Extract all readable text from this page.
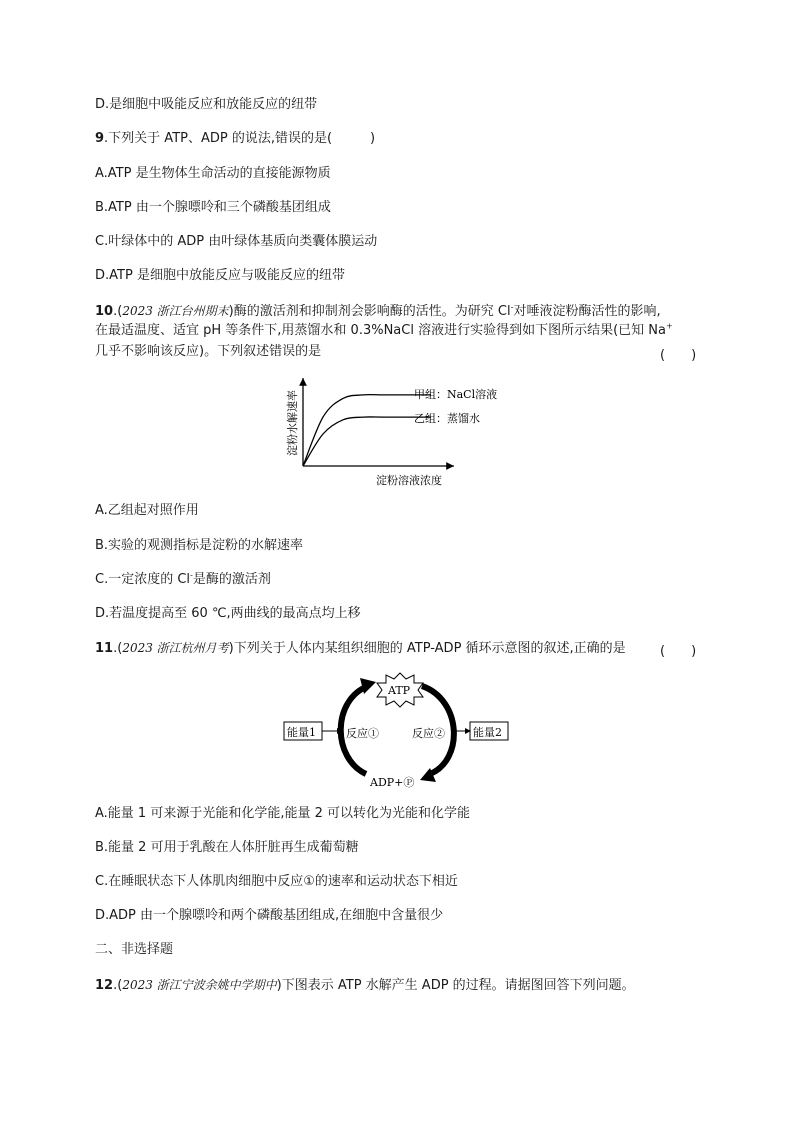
D.是细胞中吸能反应和放能反应的纽带
9.下列关于 ATP、ADP 的说法,错误的是(	)
A.ATP 是生物体生命活动的直接能源物质
B.ATP 由一个腺嘌呤和三个磷酸基团组成
C.叶绿体中的 ADP 由叶绿体基质向类囊体膜运动
D.ATP 是细胞中放能反应与吸能反应的纽带
10.(2023 浙江台州期末)酶的激活剂和抑制剂会影响酶的活性。为研究 Cl-对唾液淀粉酶活性的影响,
在最适温度、适宜 pH 等条件下,用蒸馏水和 0.3%NaCl 溶液进行实验得到如下图所示结果(已知 Na+
几乎不影响该反应)。下列叙述错误的是	(　　)
甲组：NaCl溶液
乙组：蒸馏水
淀粉溶液浓度
淀粉水解速率
A.乙组起对照作用
B.实验的观测指标是淀粉的水解速率
C.一定浓度的 Cl-是酶的激活剂
D.若温度提高至 60 ℃,两曲线的最高点均上移
11.(2023 浙江杭州月考)下列关于人体内某组织细胞的 ATP-ADP 循环示意图的叙述,正确的是	(　　)
ATP
能量1	能量2
反应①	反应②
ADP+Ⓟ
A.能量 1 可来源于光能和化学能,能量 2 可以转化为光能和化学能
B.能量 2 可用于乳酸在人体肝脏再生成葡萄糖
C.在睡眠状态下人体肌肉细胞中反应①的速率和运动状态下相近
D.ADP 由一个腺嘌呤和两个磷酸基团组成,在细胞中含量很少
二、非选择题
12.(2023 浙江宁波余姚中学期中)下图表示 ATP 水解产生 ADP 的过程。请据图回答下列问题。
